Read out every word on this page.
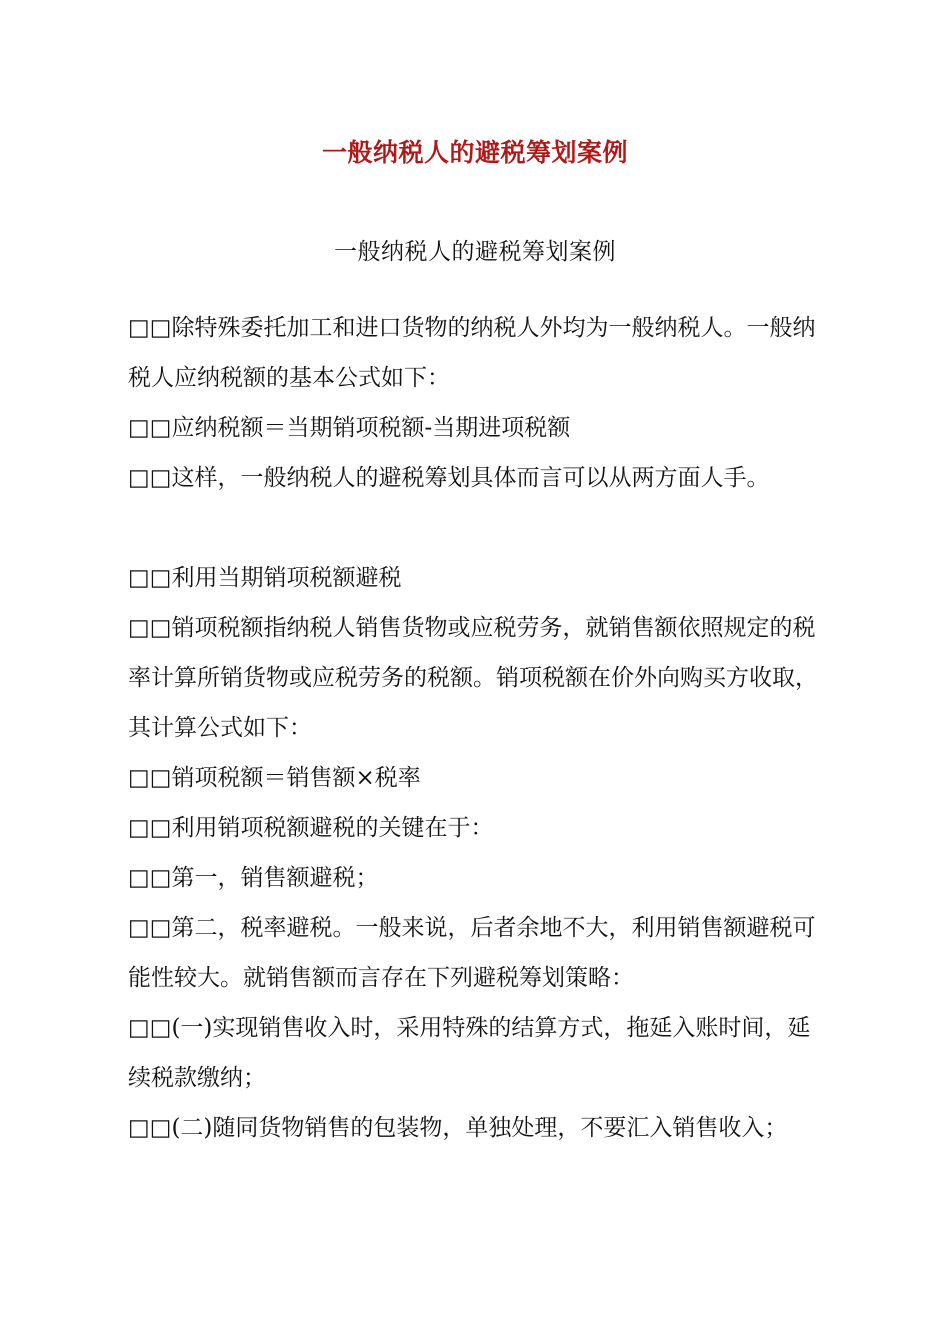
一般纳税人的避税筹划案例
一般纳税人的避税筹划案例

□□除特殊委托加工和进口货物的纳税人外均为一般纳税人。一般纳税人应纳税额的基本公式如下：

□□应纳税额＝当期销项税额-当期进项税额

□□这样，一般纳税人的避税筹划具体而言可以从两方面人手。

□□利用当期销项税额避税

□□销项税额指纳税人销售货物或应税劳务，就销售额依照规定的税率计算所销货物或应税劳务的税额。销项税额在价外向购买方收取，其计算公式如下：

□□销项税额＝销售额×税率

□□利用销项税额避税的关键在于：

□□第一，销售额避税；

□□第二，税率避税。一般来说，后者余地不大，利用销售额避税可能性较大。就销售额而言存在下列避税筹划策略：

□□(一)实现销售收入时，采用特殊的结算方式，拖延入账时间，延续税款缴纳；

□□(二)随同货物销售的包装物，单独处理，不要汇入销售收入；
